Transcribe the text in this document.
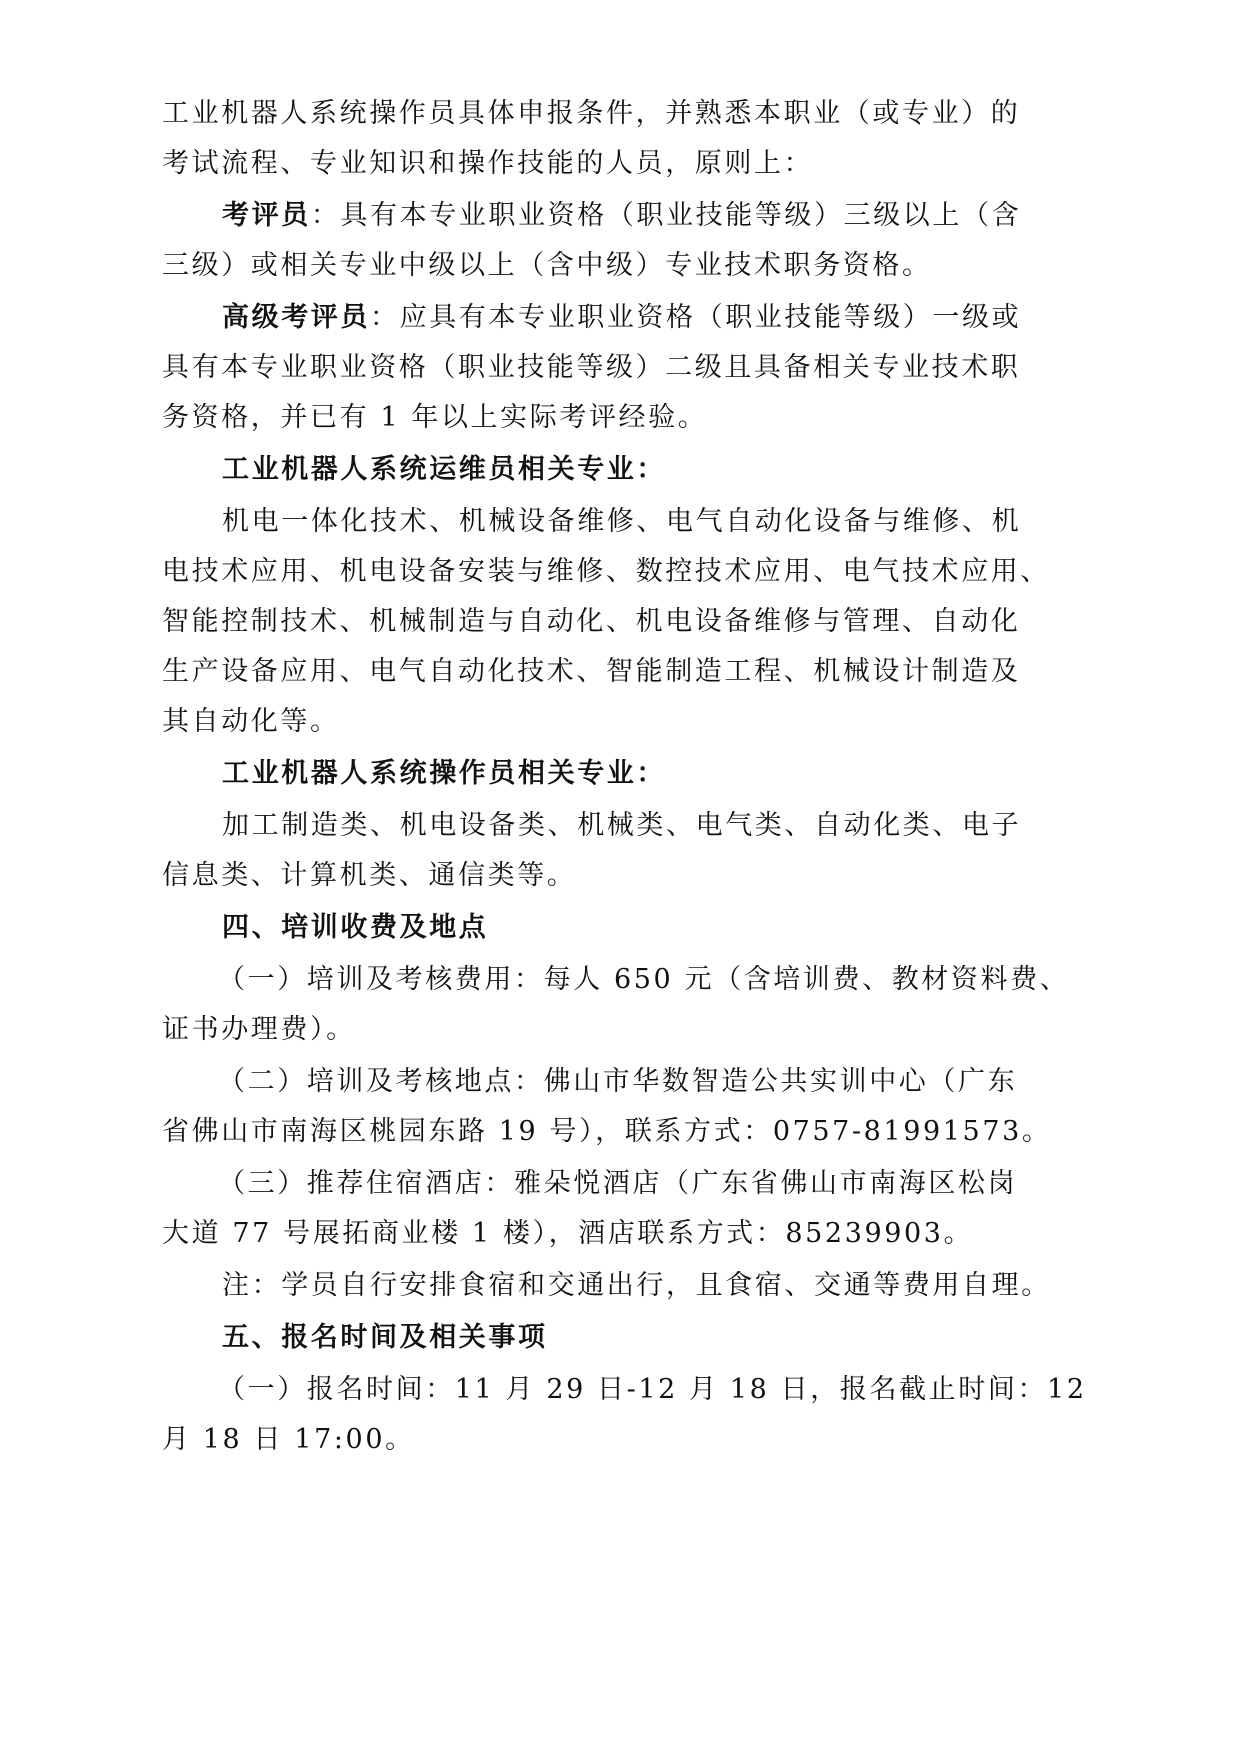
工业机器人系统操作员具体申报条件，并熟悉本职业（或专业）的
考试流程、专业知识和操作技能的人员，原则上：
考评员：具有本专业职业资格（职业技能等级）三级以上（含
三级）或相关专业中级以上（含中级）专业技术职务资格。
高级考评员：应具有本专业职业资格（职业技能等级）一级或
具有本专业职业资格（职业技能等级）二级且具备相关专业技术职
务资格，并已有 1 年以上实际考评经验。
工业机器人系统运维员相关专业：
机电一体化技术、机械设备维修、电气自动化设备与维修、机
电技术应用、机电设备安装与维修、数控技术应用、电气技术应用、
智能控制技术、机械制造与自动化、机电设备维修与管理、自动化
生产设备应用、电气自动化技术、智能制造工程、机械设计制造及
其自动化等。
工业机器人系统操作员相关专业：
加工制造类、机电设备类、机械类、电气类、自动化类、电子
信息类、计算机类、通信类等。
四、培训收费及地点
（一）培训及考核费用：每人 650 元（含培训费、教材资料费、
证书办理费）。
（二）培训及考核地点：佛山市华数智造公共实训中心（广东
省佛山市南海区桃园东路 19 号），联系方式：0757-81991573。
（三）推荐住宿酒店：雅朵悦酒店（广东省佛山市南海区松岗
大道 77 号展拓商业楼 1 楼），酒店联系方式：85239903。
注：学员自行安排食宿和交通出行，且食宿、交通等费用自理。
五、报名时间及相关事项
（一）报名时间：11 月 29 日-12 月 18 日，报名截止时间：12
月 18 日 17:00。
